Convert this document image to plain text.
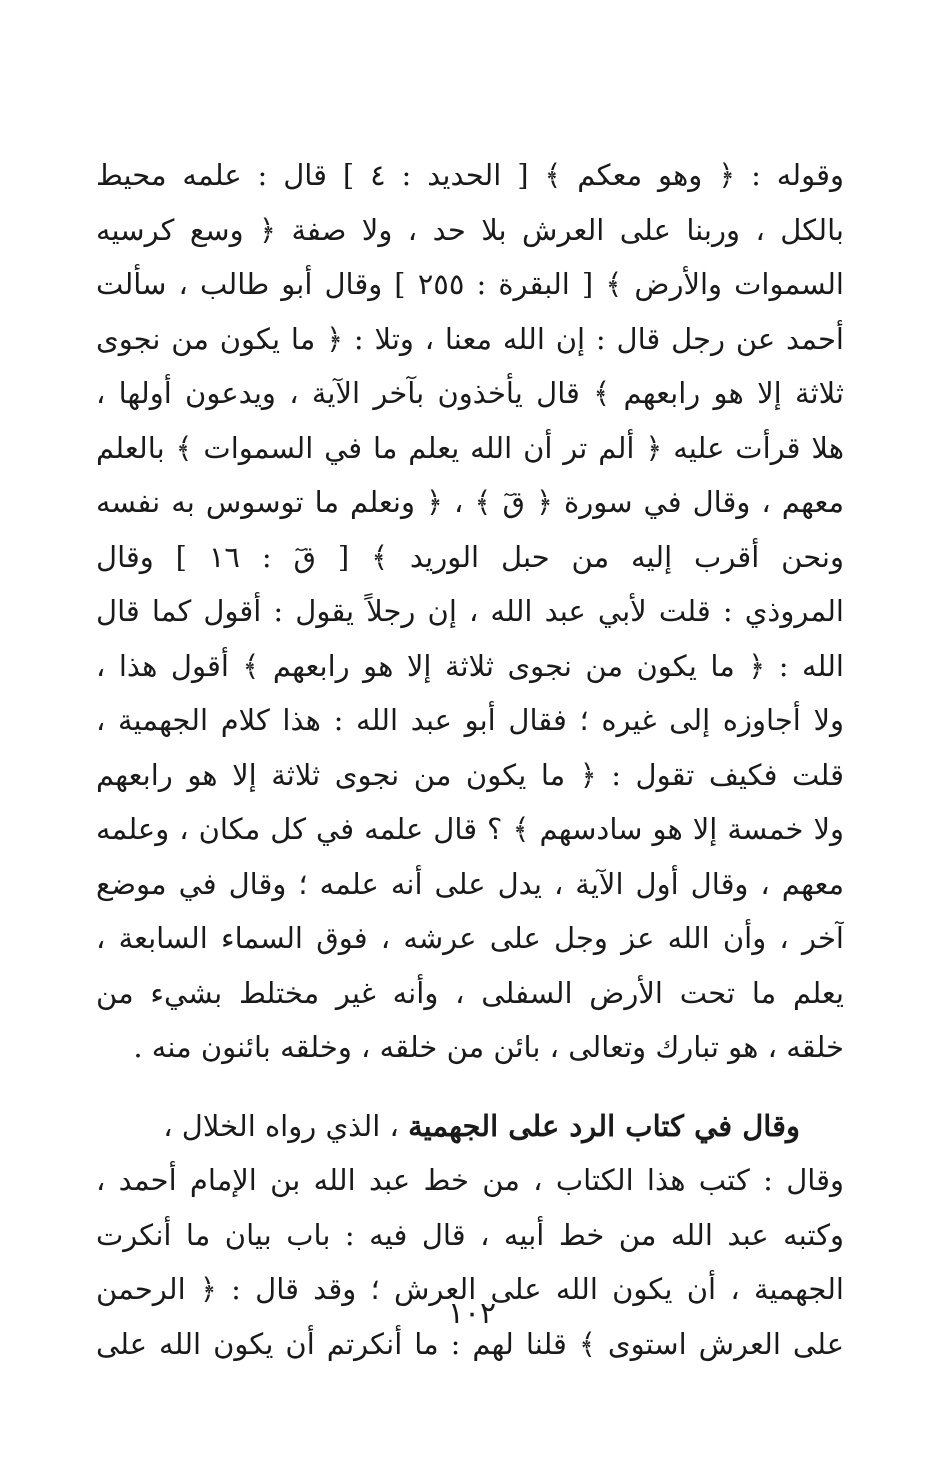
وقوله : ﴿ وهو معكم ﴾ [ الحديد : ٤ ] قال : علمه محيط
بالكل ، وربنا على العرش بلا حد ، ولا صفة ﴿ وسع كرسيه
السموات والأرض ﴾ [ البقرة : ٢٥٥ ] وقال أبو طالب ، سألت
أحمد عن رجل قال : إن الله معنا ، وتلا : ﴿ ما يكون من نجوى
ثلاثة إلا هو رابعهم ﴾ قال يأخذون بآخر الآية ، ويدعون أولها ،
هلا قرأت عليه ﴿ ألم تر أن الله يعلم ما في السموات ﴾ بالعلم
معهم ، وقال في سورة ﴿ قٓ ﴾ ، ﴿ ونعلم ما توسوس به نفسه
ونحن أقرب إليه من حبل الوريد ﴾ [ قٓ : ١٦ ] وقال
المروذي : قلت لأبي عبد الله ، إن رجلاً يقول : أقول كما قال
الله : ﴿ ما يكون من نجوى ثلاثة إلا هو رابعهم ﴾ أقول هذا ،
ولا أجاوزه إلى غيره ؛ فقال أبو عبد الله : هذا كلام الجهمية ،
قلت فكيف تقول : ﴿ ما يكون من نجوى ثلاثة إلا هو رابعهم
ولا خمسة إلا هو سادسهم ﴾ ؟ قال علمه في كل مكان ، وعلمه
معهم ، وقال أول الآية ، يدل على أنه علمه ؛ وقال في موضع
آخر ، وأن الله عز وجل على عرشه ، فوق السماء السابعة ،
يعلم ما تحت الأرض السفلى ، وأنه غير مختلط بشيء من
خلقه ، هو تبارك وتعالى ، بائن من خلقه ، وخلقه بائنون منه .
وقال في كتاب الرد على الجهمية ، الذي رواه الخلال ،
وقال : كتب هذا الكتاب ، من خط عبد الله بن الإمام أحمد ،
وكتبه عبد الله من خط أبيه ، قال فيه : باب بيان ما أنكرت
الجهمية ، أن يكون الله على العرش ؛ وقد قال : ﴿ الرحمن
على العرش استوى ﴾ قلنا لهم : ما أنكرتم أن يكون الله على
١٠٢
